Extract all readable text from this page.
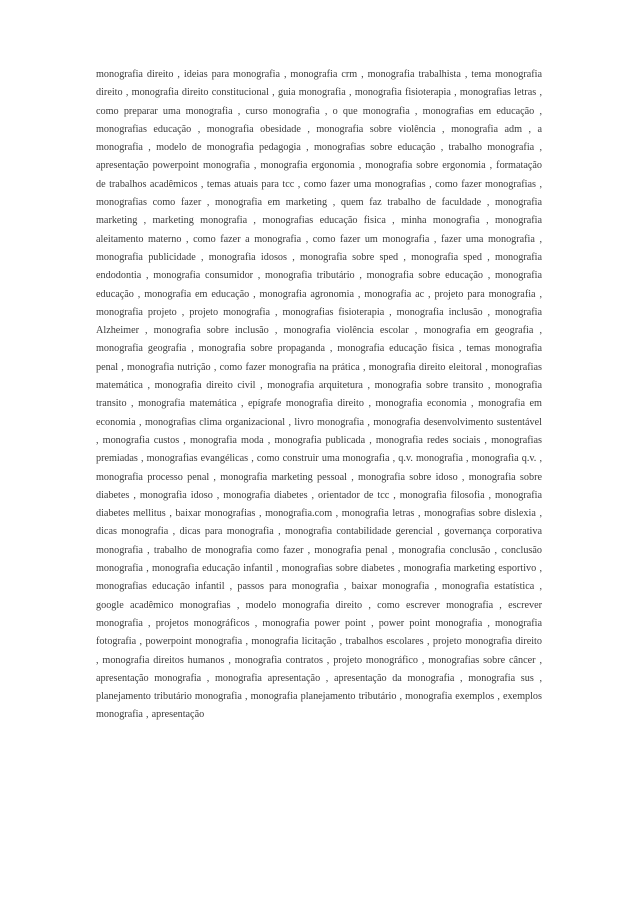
monografia direito , ideias para monografia , monografia crm , monografia trabalhista , tema monografia direito , monografia direito constitucional , guia monografia , monografia fisioterapia , monografias letras , como preparar uma monografia , curso monografia , o que monografia , monografias em educação , monografias educação , monografia obesidade , monografia sobre violência , monografia adm , a monografia , modelo de monografia pedagogia , monografias sobre educação , trabalho monografia , apresentação powerpoint monografia , monografia ergonomia , monografia sobre ergonomia , formatação de trabalhos acadêmicos , temas atuais para tcc , como fazer uma monografias , como fazer monografias , monografias como fazer , monografia em marketing , quem faz trabalho de faculdade , monografia marketing , marketing monografia , monografias educação fisica , minha monografia , monografia aleitamento materno , como fazer a monografia , como fazer um monografia , fazer uma monografia , monografia publicidade , monografia idosos , monografia sobre sped , monografia sped , monografia endodontia , monografia consumidor , monografia tributário , monografia sobre educação , monografia educação , monografia em educação , monografia agronomia , monografia ac , projeto para monografia , monografia projeto , projeto monografia , monografias fisioterapia , monografia inclusão , monografia Alzheimer , monografia sobre inclusão , monografia violência escolar , monografia em geografia , monografia geografia , monografia sobre propaganda , monografia educação física , temas monografia penal , monografia nutrição , como fazer monografia na prática , monografia direito eleitoral , monografias matemática , monografia direito civil , monografia arquitetura , monografia sobre transito , monografia transito , monografia matemática , epígrafe monografia direito , monografia economia , monografia em economia , monografias clima organizacional , livro monografia , monografia desenvolvimento sustentável , monografia custos , monografia moda , monografia publicada , monografia redes sociais , monografias premiadas , monografias evangélicas , como construir uma monografia , q.v. monografia , monografia q.v. , monografia processo penal , monografia marketing pessoal , monografia sobre idoso , monografia sobre diabetes , monografia idoso , monografia diabetes , orientador de tcc , monografia filosofia , monografia diabetes mellitus , baixar monografias , monografia.com , monografia letras , monografias sobre dislexia , dicas monografia , dicas para monografia , monografia contabilidade gerencial , governança corporativa monografia , trabalho de monografia como fazer , monografia penal , monografia conclusão , conclusão monografia , monografia educação infantil , monografias sobre diabetes , monografia marketing esportivo , monografias educação infantil , passos para monografia , baixar monografia , monografia estatística , google acadêmico monografias , modelo monografia direito , como escrever monografia , escrever monografia , projetos monográficos , monografia power point , power point monografia , monografia fotografia , powerpoint monografia , monografia licitação , trabalhos escolares , projeto monografia direito , monografia direitos humanos , monografia contratos , projeto monográfico , monografias sobre câncer , apresentação monografia , monografia apresentação , apresentação da monografia , monografia sus , planejamento tributário monografia , monografia planejamento tributário , monografia exemplos , exemplos monografia , apresentação
